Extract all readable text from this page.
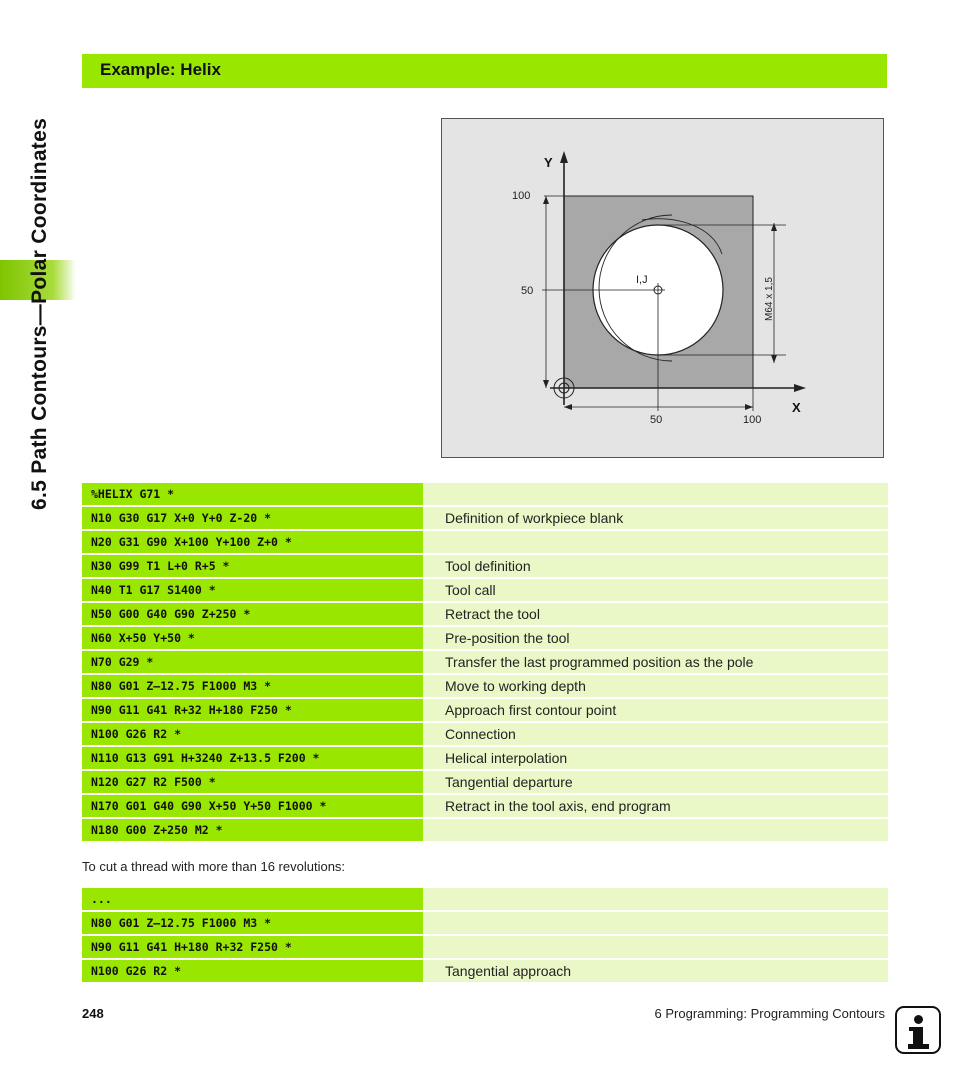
6.5 Path Contours—Polar Coordinates
Example: Helix
Y
X
100
50
50	100
I,J	M64 x 1,5
%HELIX G71 *
N10 G30 G17 X+0 Y+0 Z-20 *	Definition of workpiece blank
N20 G31 G90 X+100 Y+100 Z+0 *
N30 G99 T1 L+0 R+5 *	Tool definition
N40 T1 G17 S1400 *	Tool call
N50 G00 G40 G90 Z+250 *	Retract the tool
N60 X+50 Y+50 *	Pre-position the tool
N70 G29 *	Transfer the last programmed position as the pole
N80 G01 Z‒12.75 F1000 M3 *	Move to working depth
N90 G11 G41 R+32 H+180 F250 *	Approach first contour point
N100 G26 R2 *	Connection
N110 G13 G91 H+3240 Z+13.5 F200 *	Helical interpolation
N120 G27 R2 F500 *	Tangential departure
N170 G01 G40 G90 X+50 Y+50 F1000 *	Retract in the tool axis, end program
N180 G00 Z+250 M2 *
To cut a thread with more than 16 revolutions:
...
N80 G01 Z‒12.75 F1000 M3 *
N90 G11 G41 H+180 R+32 F250 *
N100 G26 R2 *	Tangential approach
248	6 Programming: Programming Contours
